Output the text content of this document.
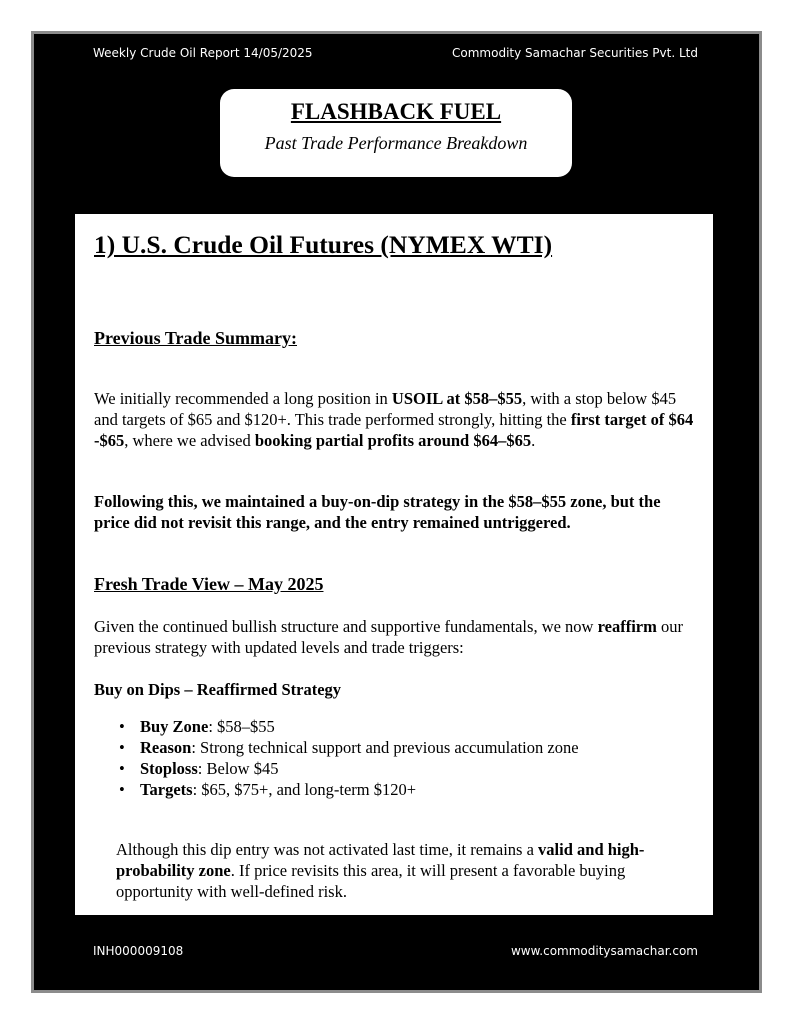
Weekly Crude Oil Report 14/05/2025	Commodity Samachar Securities Pvt. Ltd
FLASHBACK FUEL
Past Trade Performance Breakdown
1) U.S. Crude Oil Futures (NYMEX WTI)
Previous Trade Summary:
We initially recommended a long position in USOIL at $58–$55, with a stop below $45 and targets of $65 and $120+. This trade performed strongly, hitting the first target of $64 -$65, where we advised booking partial profits around $64–$65.
Following this, we maintained a buy-on-dip strategy in the $58–$55 zone, but the price did not revisit this range, and the entry remained untriggered.
Fresh Trade View – May 2025
Given the continued bullish structure and supportive fundamentals, we now reaffirm our previous strategy with updated levels and trade triggers:
Buy on Dips – Reaffirmed Strategy
• Buy Zone: $58–$55
• Reason: Strong technical support and previous accumulation zone
• Stoploss: Below $45
• Targets: $65, $75+, and long-term $120+
Although this dip entry was not activated last time, it remains a valid and high-probability zone. If price revisits this area, it will present a favorable buying opportunity with well-defined risk.
INH000009108	www.commoditysamachar.com
